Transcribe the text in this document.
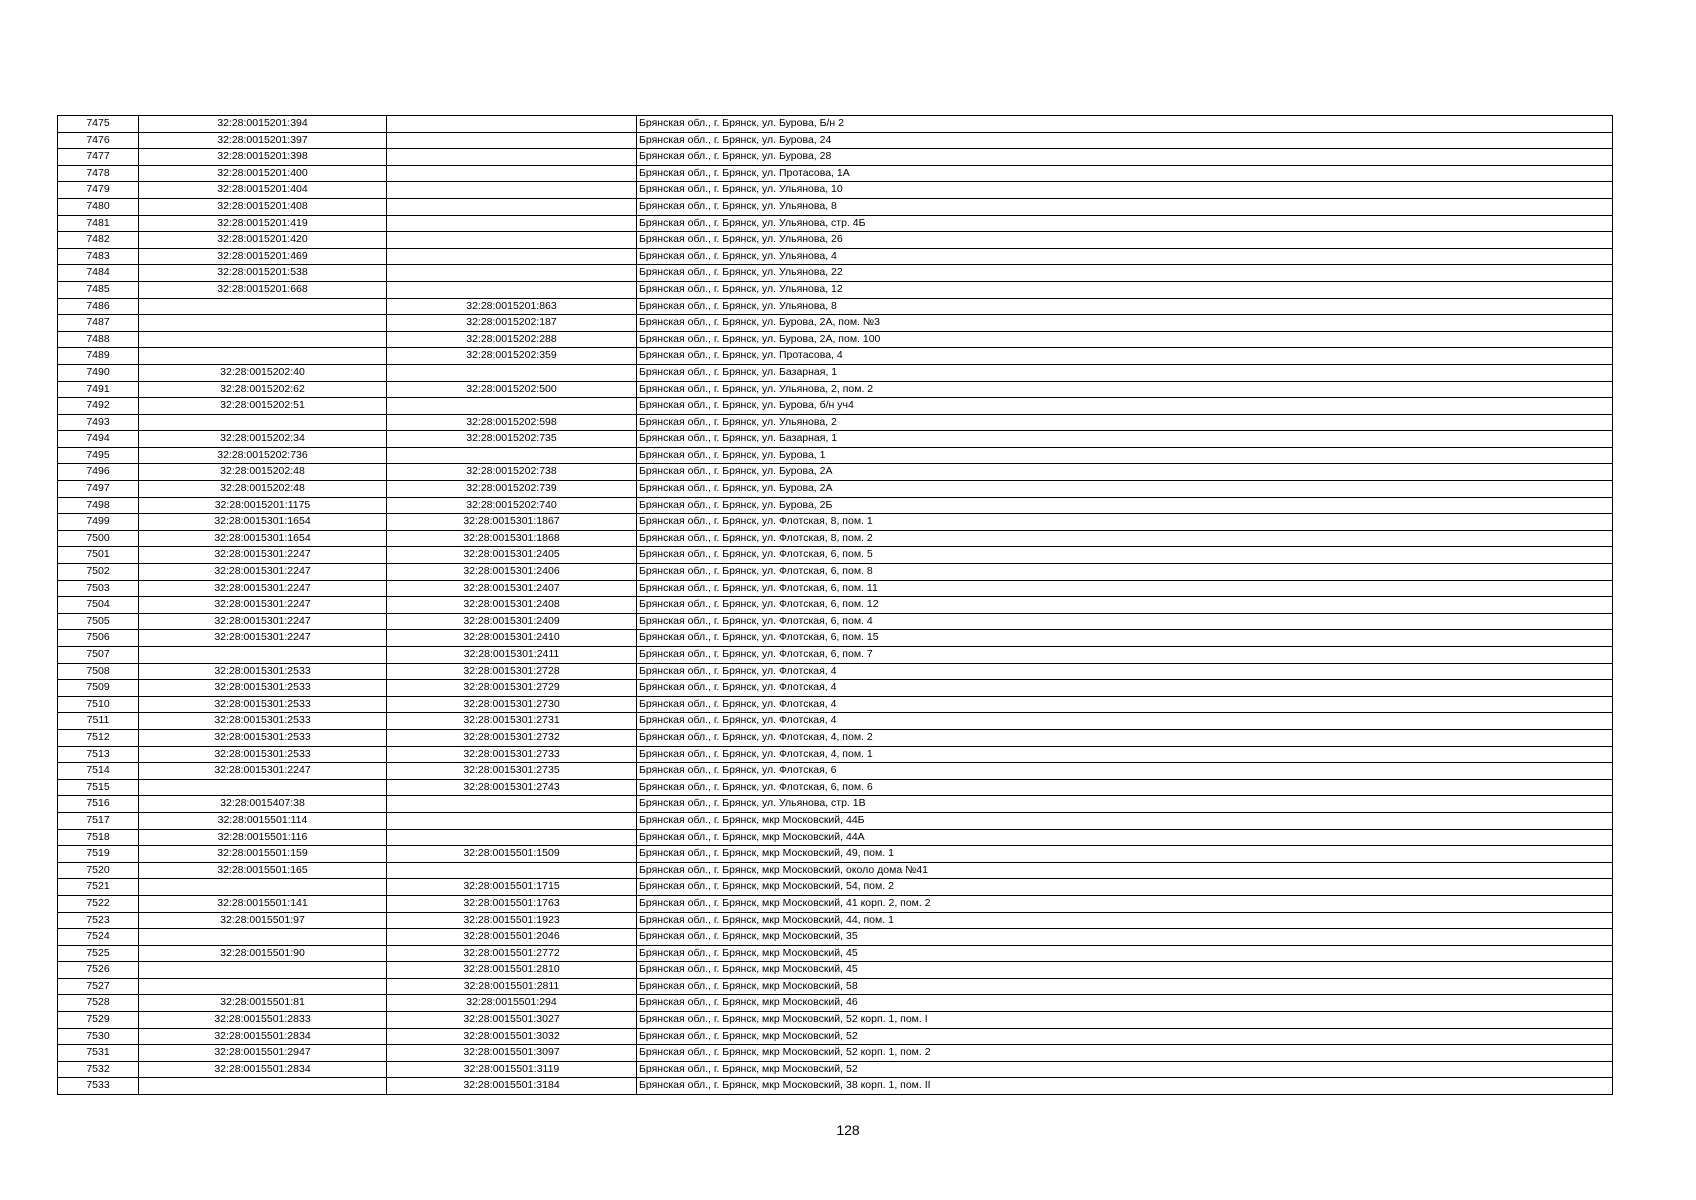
7475	32:28:0015201:394		Брянская обл., г. Брянск, ул. Бурова, Б/н 2
7476	32:28:0015201:397		Брянская обл., г. Брянск, ул. Бурова, 24
7477	32:28:0015201:398		Брянская обл., г. Брянск, ул. Бурова, 28
7478	32:28:0015201:400		Брянская обл., г. Брянск, ул. Протасова, 1А
7479	32:28:0015201:404		Брянская обл., г. Брянск, ул. Ульянова, 10
7480	32:28:0015201:408		Брянская обл., г. Брянск, ул. Ульянова, 8
7481	32:28:0015201:419		Брянская обл., г. Брянск, ул. Ульянова, стр. 4Б
7482	32:28:0015201:420		Брянская обл., г. Брянск, ул. Ульянова, 26
7483	32:28:0015201:469		Брянская обл., г. Брянск, ул. Ульянова, 4
7484	32:28:0015201:538		Брянская обл., г. Брянск, ул. Ульянова, 22
7485	32:28:0015201:668		Брянская обл., г. Брянск, ул. Ульянова, 12
7486		32:28:0015201:863	Брянская обл., г. Брянск, ул. Ульянова, 8
7487		32:28:0015202:187	Брянская обл., г. Брянск, ул. Бурова, 2А, пом. №3
7488		32:28:0015202:288	Брянская обл., г. Брянск, ул. Бурова, 2А, пом. 100
7489		32:28:0015202:359	Брянская обл., г. Брянск, ул. Протасова, 4
7490	32:28:0015202:40		Брянская обл., г. Брянск, ул. Базарная, 1
7491	32:28:0015202:62	32:28:0015202:500	Брянская обл., г. Брянск, ул. Ульянова, 2, пом. 2
7492	32:28:0015202:51		Брянская обл., г. Брянск, ул. Бурова, б/н уч4
7493		32:28:0015202:598	Брянская обл., г. Брянск, ул. Ульянова, 2
7494	32:28:0015202:34	32:28:0015202:735	Брянская обл., г. Брянск, ул. Базарная, 1
7495	32:28:0015202:736		Брянская обл., г. Брянск, ул. Бурова, 1
7496	32:28:0015202:48	32:28:0015202:738	Брянская обл., г. Брянск, ул. Бурова, 2А
7497	32:28:0015202:48	32:28:0015202:739	Брянская обл., г. Брянск, ул. Бурова, 2А
7498	32:28:0015201:1175	32:28:0015202:740	Брянская обл., г. Брянск, ул. Бурова, 2Б
7499	32:28:0015301:1654	32:28:0015301:1867	Брянская обл., г. Брянск, ул. Флотская, 8, пом. 1
7500	32:28:0015301:1654	32:28:0015301:1868	Брянская обл., г. Брянск, ул. Флотская, 8, пом. 2
7501	32:28:0015301:2247	32:28:0015301:2405	Брянская обл., г. Брянск, ул. Флотская, 6, пом. 5
7502	32:28:0015301:2247	32:28:0015301:2406	Брянская обл., г. Брянск, ул. Флотская, 6, пом. 8
7503	32:28:0015301:2247	32:28:0015301:2407	Брянская обл., г. Брянск, ул. Флотская, 6, пом. 11
7504	32:28:0015301:2247	32:28:0015301:2408	Брянская обл., г. Брянск, ул. Флотская, 6, пом. 12
7505	32:28:0015301:2247	32:28:0015301:2409	Брянская обл., г. Брянск, ул. Флотская, 6, пом. 4
7506	32:28:0015301:2247	32:28:0015301:2410	Брянская обл., г. Брянск, ул. Флотская, 6, пом. 15
7507		32:28:0015301:2411	Брянская обл., г. Брянск, ул. Флотская, 6, пом. 7
7508	32:28:0015301:2533	32:28:0015301:2728	Брянская обл., г. Брянск, ул. Флотская, 4
7509	32:28:0015301:2533	32:28:0015301:2729	Брянская обл., г. Брянск, ул. Флотская, 4
7510	32:28:0015301:2533	32:28:0015301:2730	Брянская обл., г. Брянск, ул. Флотская, 4
7511	32:28:0015301:2533	32:28:0015301:2731	Брянская обл., г. Брянск, ул. Флотская, 4
7512	32:28:0015301:2533	32:28:0015301:2732	Брянская обл., г. Брянск, ул. Флотская, 4, пом. 2
7513	32:28:0015301:2533	32:28:0015301:2733	Брянская обл., г. Брянск, ул. Флотская, 4, пом. 1
7514	32:28:0015301:2247	32:28:0015301:2735	Брянская обл., г. Брянск, ул. Флотская, 6
7515		32:28:0015301:2743	Брянская обл., г. Брянск, ул. Флотская, 6, пом. 6
7516	32:28:0015407:38		Брянская обл., г. Брянск, ул. Ульянова, стр. 1В
7517	32:28:0015501:114		Брянская обл., г. Брянск, мкр Московский, 44Б
7518	32:28:0015501:116		Брянская обл., г. Брянск, мкр Московский, 44А
7519	32:28:0015501:159	32:28:0015501:1509	Брянская обл., г. Брянск, мкр Московский, 49, пом. 1
7520	32:28:0015501:165		Брянская обл., г. Брянск, мкр Московский, около дома №41
7521		32:28:0015501:1715	Брянская обл., г. Брянск, мкр Московский, 54, пом. 2
7522	32:28:0015501:141	32:28:0015501:1763	Брянская обл., г. Брянск, мкр Московский, 41 корп. 2, пом. 2
7523	32:28:0015501:97	32:28:0015501:1923	Брянская обл., г. Брянск, мкр Московский, 44, пом. 1
7524		32:28:0015501:2046	Брянская обл., г. Брянск, мкр Московский, 35
7525	32:28:0015501:90	32:28:0015501:2772	Брянская обл., г. Брянск, мкр Московский, 45
7526		32:28:0015501:2810	Брянская обл., г. Брянск, мкр Московский, 45
7527		32:28:0015501:2811	Брянская обл., г. Брянск, мкр Московский, 58
7528	32:28:0015501:81	32:28:0015501:294	Брянская обл., г. Брянск, мкр Московский, 46
7529	32:28:0015501:2833	32:28:0015501:3027	Брянская обл., г. Брянск, мкр Московский, 52 корп. 1, пом. I
7530	32:28:0015501:2834	32:28:0015501:3032	Брянская обл., г. Брянск, мкр Московский, 52
7531	32:28:0015501:2947	32:28:0015501:3097	Брянская обл., г. Брянск, мкр Московский, 52 корп. 1, пом. 2
7532	32:28:0015501:2834	32:28:0015501:3119	Брянская обл., г. Брянск, мкр Московский, 52
7533		32:28:0015501:3184	Брянская обл., г. Брянск, мкр Московский, 38 корп. 1, пом. II
128
